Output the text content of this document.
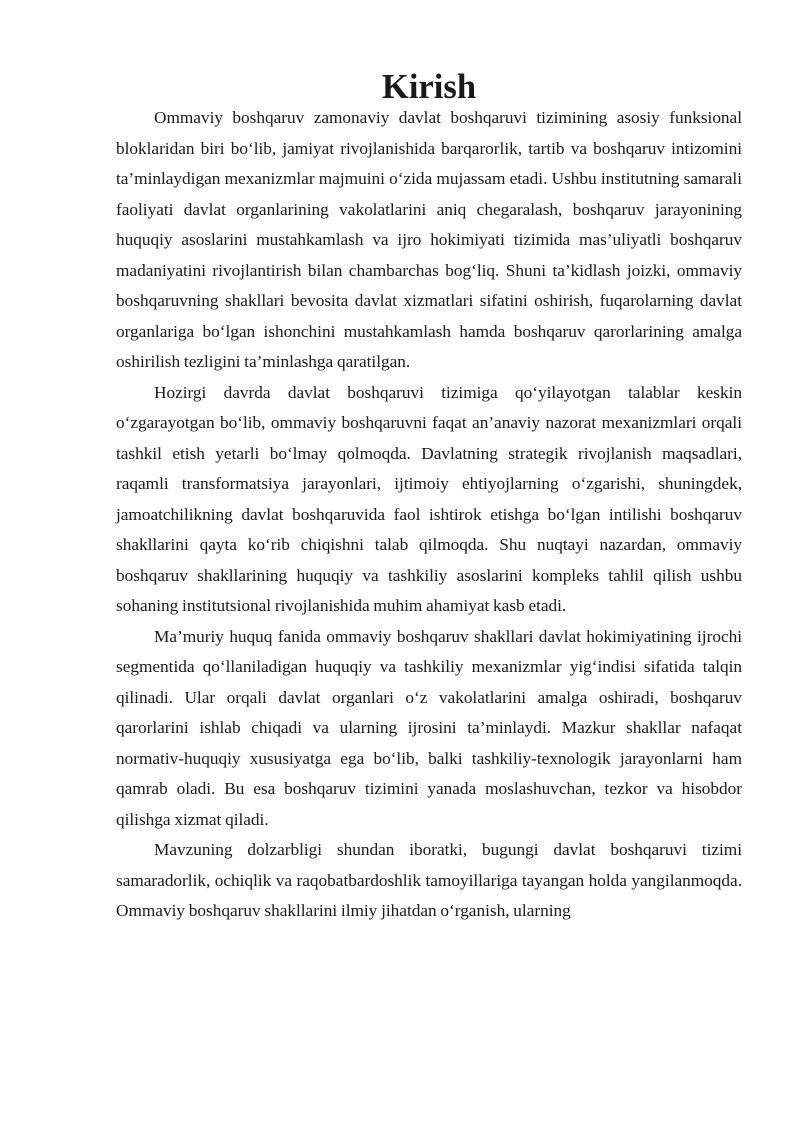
Kirish

Ommaviy boshqaruv zamonaviy davlat boshqaruvi tizimining asosiy funksional bloklaridan biri bo‘lib, jamiyat rivojlanishida barqarorlik, tartib va boshqaruv intizomini ta’minlaydigan mexanizmlar majmuini o‘zida mujassam etadi. Ushbu institutning samarali faoliyati davlat organlarining vakolatlarini aniq chegaralash, boshqaruv jarayonining huquqiy asoslarini mustahkamlash va ijro hokimiyati tizimida mas’uliyatli boshqaruv madaniyatini rivojlantirish bilan chambarchas bog‘liq. Shuni ta’kidlash joizki, ommaviy boshqaruvning shakllari bevosita davlat xizmatlari sifatini oshirish, fuqarolarning davlat organlariga bo‘lgan ishonchini mustahkamlash hamda boshqaruv qarorlarining amalga oshirilish tezligini ta’minlashga qaratilgan.

Hozirgi davrda davlat boshqaruvi tizimiga qo‘yilayotgan talablar keskin o‘zgarayotgan bo‘lib, ommaviy boshqaruvni faqat an’anaviy nazorat mexanizmlari orqali tashkil etish yetarli bo‘lmay qolmoqda. Davlatning strategik rivojlanish maqsadlari, raqamli transformatsiya jarayonlari, ijtimoiy ehtiyojlarning o‘zgarishi, shuningdek, jamoatchilikning davlat boshqaruvida faol ishtirok etishga bo‘lgan intilishi boshqaruv shakllarini qayta ko‘rib chiqishni talab qilmoqda. Shu nuqtayi nazardan, ommaviy boshqaruv shakllarining huquqiy va tashkiliy asoslarini kompleks tahlil qilish ushbu sohaning institutsional rivojlanishida muhim ahamiyat kasb etadi.

Ma’muriy huquq fanida ommaviy boshqaruv shakllari davlat hokimiyatining ijrochi segmentida qo‘llaniladigan huquqiy va tashkiliy mexanizmlar yig‘indisi sifatida talqin qilinadi. Ular orqali davlat organlari o‘z vakolatlarini amalga oshiradi, boshqaruv qarorlarini ishlab chiqadi va ularning ijrosini ta’minlaydi. Mazkur shakllar nafaqat normativ-huquqiy xususiyatga ega bo‘lib, balki tashkiliy-texnologik jarayonlarni ham qamrab oladi. Bu esa boshqaruv tizimini yanada moslashuvchan, tezkor va hisobdor qilishga xizmat qiladi.

Mavzuning dolzarbligi shundan iboratki, bugungi davlat boshqaruvi tizimi samaradorlik, ochiqlik va raqobatbardoshlik tamoyillariga tayangan holda yangilanmoqda. Ommaviy boshqaruv shakllarini ilmiy jihatdan o‘rganish, ularning
